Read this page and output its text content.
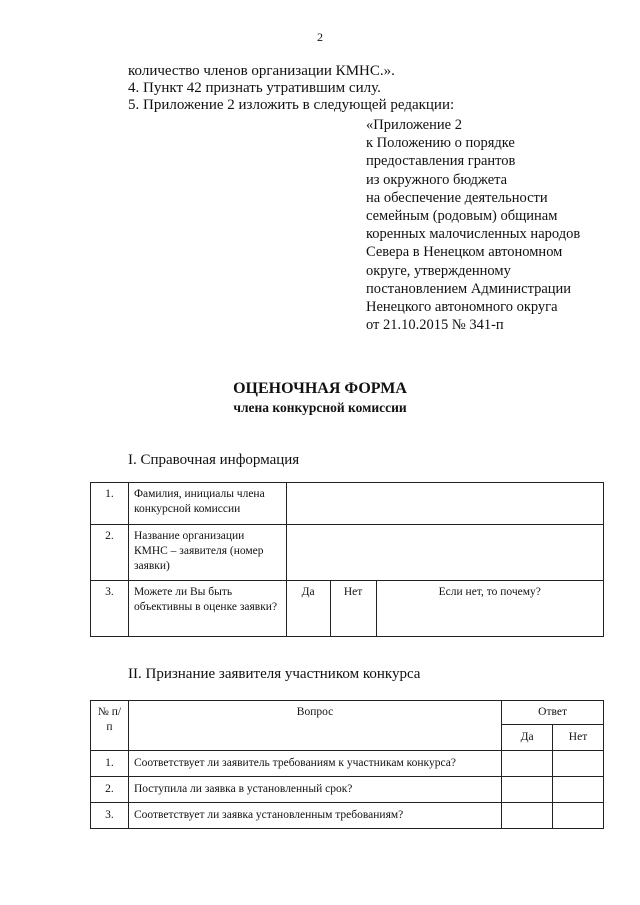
2
количество членов организации КМНС.».
4. Пункт 42 признать утратившим силу.
5. Приложение 2 изложить в следующей редакции:
«Приложение 2
к Положению о порядке
предоставления грантов
из окружного бюджета
на обеспечение деятельности
семейным (родовым) общинам
коренных малочисленных народов
Севера в Ненецком автономном
округе, утвержденному
постановлением Администрации
Ненецкого автономного округа
от 21.10.2015 № 341-п
ОЦЕНОЧНАЯ ФОРМА
члена конкурсной комиссии
I. Справочная информация
1.	Фамилия, инициалы члена конкурсной комиссии			
2.	Название организации КМНС – заявителя (номер заявки)			
3.	Можете ли Вы быть объективны в оценке заявки?	Да	Нет	Если нет, то почему?
II. Признание заявителя участником конкурса
№ п/п	Вопрос	Ответ	
		Да	Нет
1.	Соответствует ли заявитель требованиям к участникам конкурса?		
2.	Поступила ли заявка в установленный срок?		
3.	Соответствует ли заявка установленным требованиям?		
